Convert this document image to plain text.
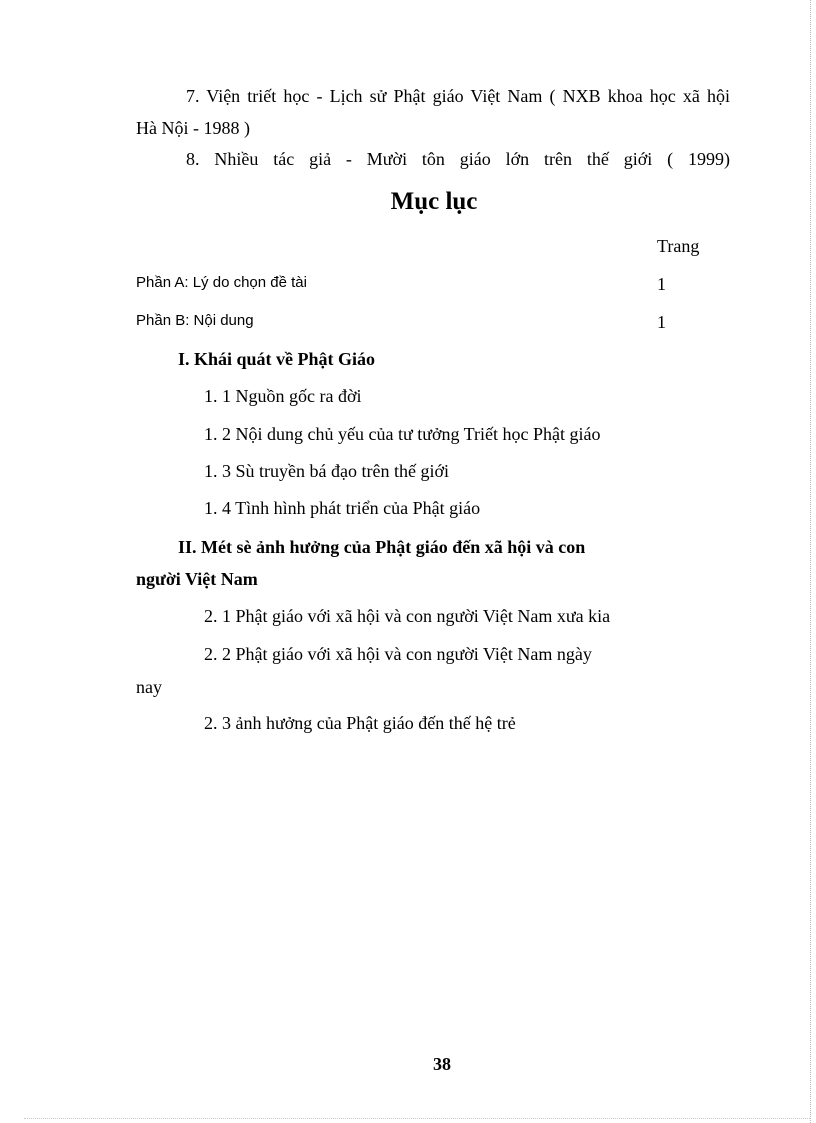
7. Viện triết học - Lịch sử Phật giáo Việt Nam ( NXB khoa học xã hội
Hà Nội - 1988 )
8. Nhiều tác giả - Mười tôn giáo lớn trên thế giới ( 1999)
Mục lục
Trang
Phần A: Lý do chọn đề tài	1
Phần B: Nội dung	1
I. Khái quát về Phật Giáo
1. 1 Nguồn gốc ra đời
1. 2 Nội dung chủ yếu của tư tưởng Triết học Phật giáo
1. 3 Sù truyền bá đạo trên thế giới
1. 4 Tình hình phát triển của Phật giáo
II. Mét sè ảnh hưởng của Phật giáo đến xã hội và con
người Việt Nam
2. 1 Phật giáo với xã hội và con người Việt Nam xưa kia
2. 2 Phật giáo với xã hội và con người Việt Nam ngày
nay
2. 3 ảnh hưởng của Phật giáo đến thế hệ trẻ
38
